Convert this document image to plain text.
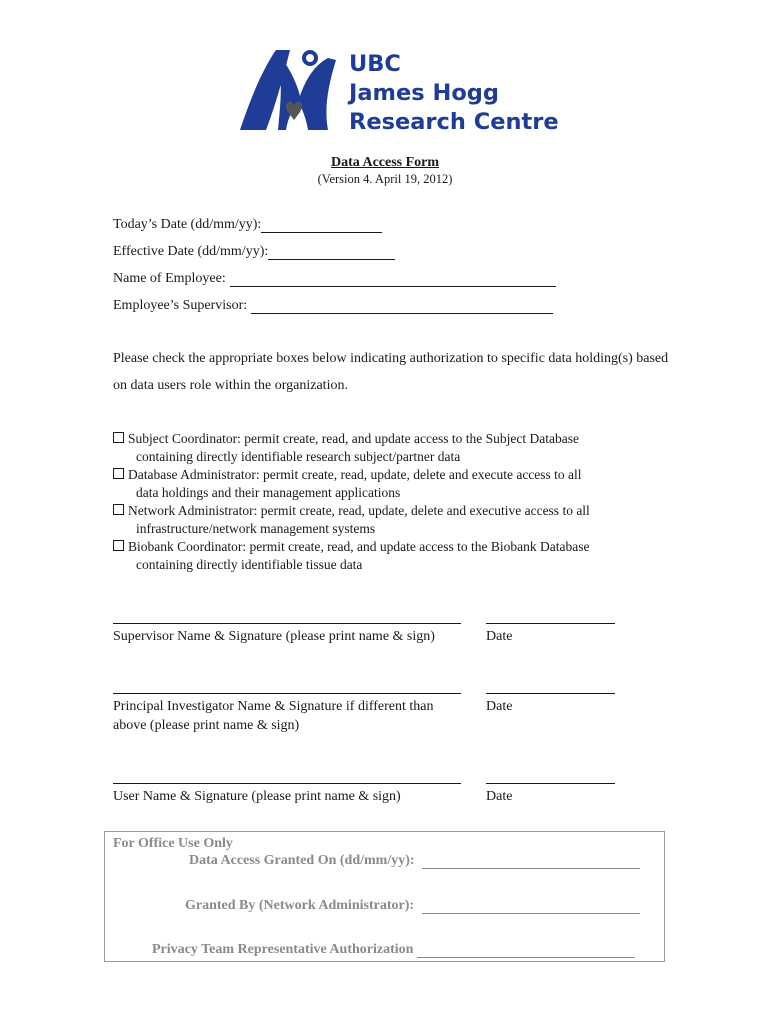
UBC
James Hogg
Research Centre
Data Access Form
(Version 4. April 19, 2012)
Today’s Date (dd/mm/yy):
Effective Date (dd/mm/yy):
Name of Employee:
Employee’s Supervisor:
Please check the appropriate boxes below indicating authorization to specific data holding(s) based on data users role within the organization.
Subject Coordinator: permit create, read, and update access to the Subject Database
containing directly identifiable research subject/partner data
Database Administrator: permit create, read, update, delete and execute access to all
data holdings and their management applications
Network Administrator: permit create, read, update, delete and executive access to all
infrastructure/network management systems
Biobank Coordinator: permit create, read, and update access to the Biobank Database
containing directly identifiable tissue data
Supervisor Name & Signature (please print name & sign)	Date
Principal Investigator Name & Signature if different than above (please print name & sign)
Date
User Name & Signature (please print name & sign)	Date
For Office Use Only
Data Access Granted On (dd/mm/yy):
Granted By (Network Administrator):
Privacy Team Representative Authorization
